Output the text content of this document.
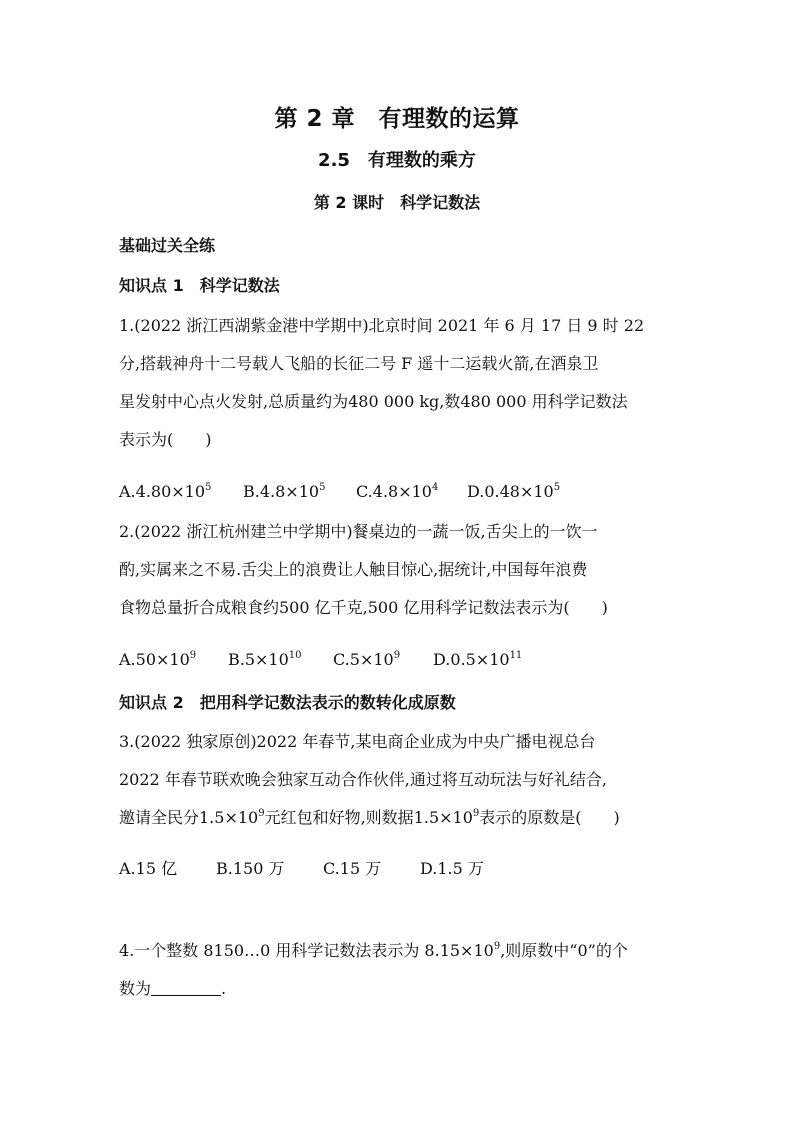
第 2 章　有理数的运算
2.5　有理数的乘方
第 2 课时　科学记数法
基础过关全练
知识点 1　科学记数法
1.(2022 浙江西湖紫金港中学期中)北京时间 2021 年 6 月 17 日 9 时 22
分,搭载神舟十二号载人飞船的长征二号 F 遥十二运载火箭,在酒泉卫
星发射中心点火发射,总质量约为480 000 kg,数480 000 用科学记数法
表示为(　　)
$A.4.80\times 10^5$ $B.4.8\times 10^5$ $C.4.8\times 10^4$ $D.0.48\times 10^5$
2.(2022 浙江杭州建兰中学期中)餐桌边的一蔬一饭,舌尖上的一饮一
酌,实属来之不易.舌尖上的浪费让人触目惊心,据统计,中国每年浪费
食物总量折合成粮食约500 亿千克,500 亿用科学记数法表示为(　　)
$A.50\times 10^9$ $B.5\times 10^{10}$ $C.5\times 10^9$ $D.0.5\times 10^{11}$
知识点 2　把用科学记数法表示的数转化成原数
3.(2022 独家原创)2022 年春节,某电商企业成为中央广播电视总台
2022 年春节联欢晚会独家互动合作伙伴,通过将互动玩法与好礼结合,
邀请全民分$1.5\times 10^9$元红包和好物,则数据$1.5\times 10^9$表示的原数是(　　)
A.15 亿 B.150 万 C.15 万 D.1.5 万
4.一个整数 8150…0 用科学记数法表示为 $8.15\times 10^9$,则原数中“0”的个
数为	.
